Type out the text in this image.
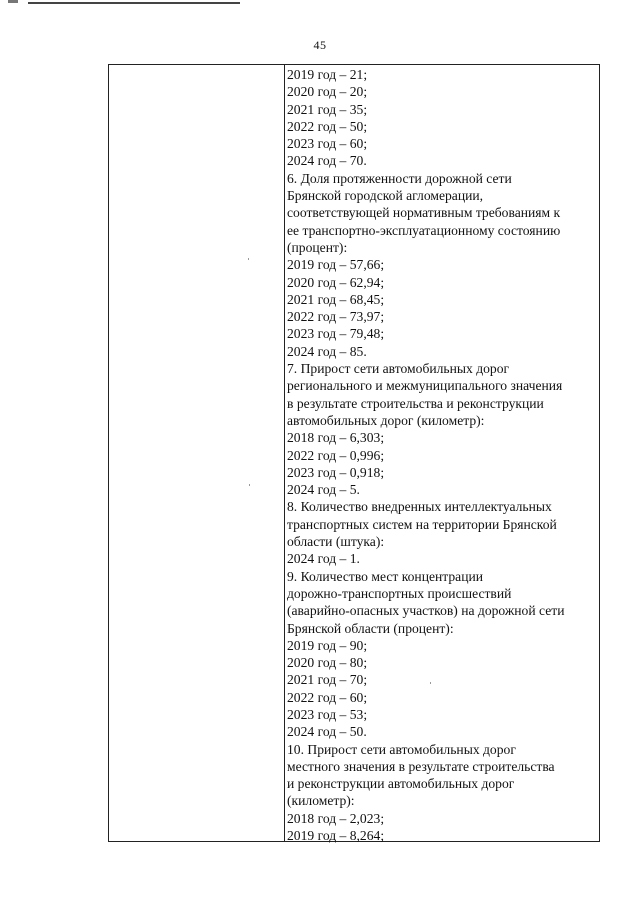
45
2019 год – 21;
2020 год – 20;
2021 год – 35;
2022 год – 50;
2023 год – 60;
2024 год – 70.
6. Доля протяженности дорожной сети
Брянской городской агломерации,
соответствующей нормативным требованиям к
ее транспортно-эксплуатационному состоянию
(процент):
2019 год – 57,66;
2020 год – 62,94;
2021 год – 68,45;
2022 год – 73,97;
2023 год – 79,48;
2024 год – 85.
7. Прирост сети автомобильных дорог
регионального и межмуниципального значения
в результате строительства и реконструкции
автомобильных дорог (километр):
2018 год – 6,303;
2022 год – 0,996;
2023 год – 0,918;
2024 год – 5.
8. Количество внедренных интеллектуальных
транспортных систем на территории Брянской
области (штука):
2024 год – 1.
9. Количество мест концентрации
дорожно-транспортных происшествий
(аварийно-опасных участков) на дорожной сети
Брянской области (процент):
2019 год – 90;
2020 год – 80;
2021 год – 70;
2022 год – 60;
2023 год – 53;
2024 год – 50.
10. Прирост сети автомобильных дорог
местного значения в результате строительства
и реконструкции автомобильных дорог
(километр):
2018 год – 2,023;
2019 год – 8,264;
